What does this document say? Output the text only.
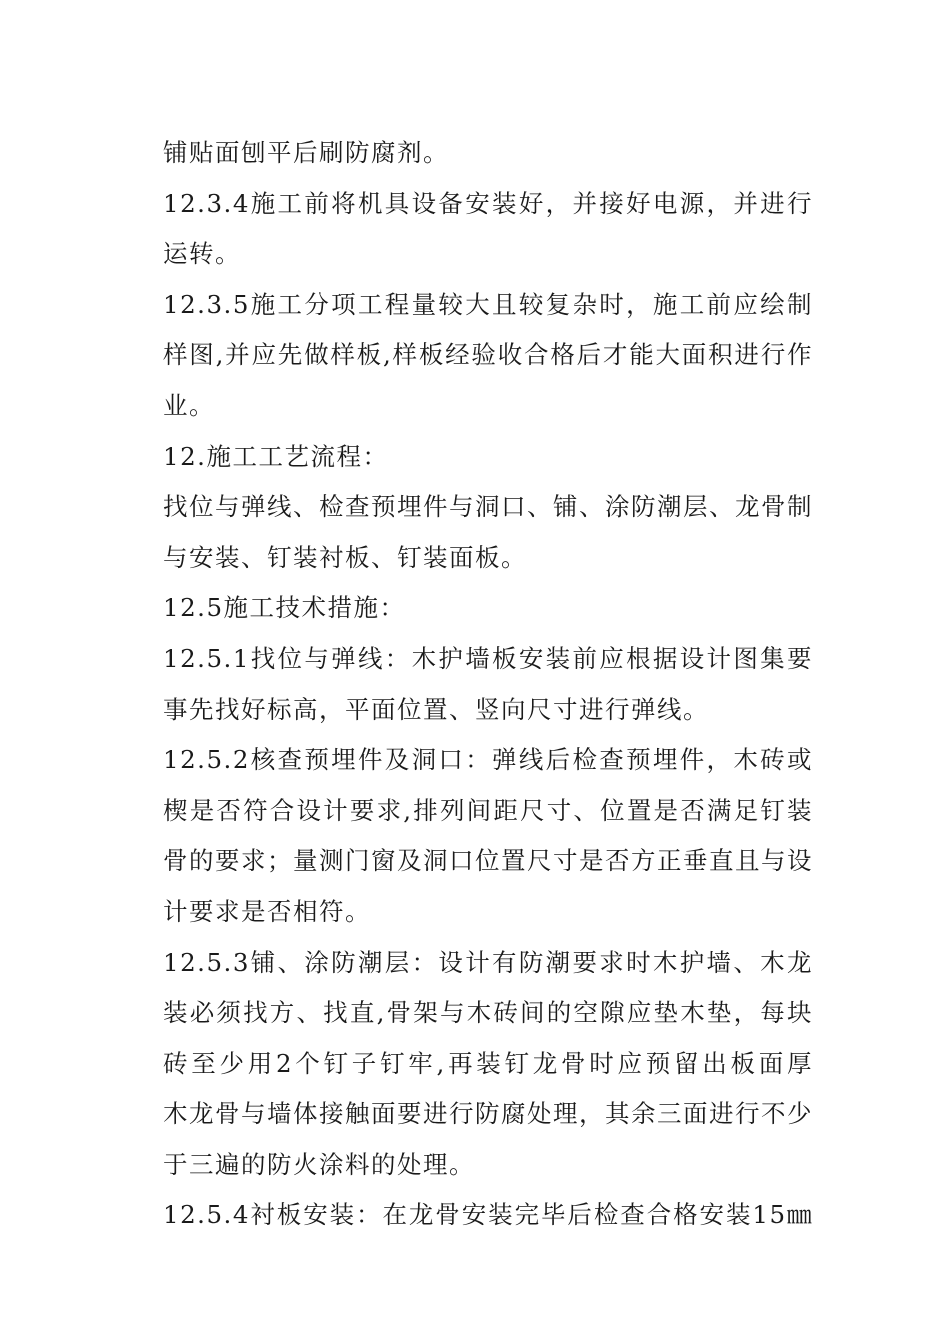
铺贴面刨平后刷防腐剂。
12.3.4施工前将机具设备安装好，并接好电源，并进行
运转。
12.3.5施工分项工程量较大且较复杂时，施工前应绘制
样图,并应先做样板,样板经验收合格后才能大面积进行作
业。
12.施工工艺流程：
找位与弹线、检查预埋件与洞口、铺、涂防潮层、龙骨制
与安装、钉装衬板、钉装面板。
12.5施工技术措施：
12.5.1找位与弹线：木护墙板安装前应根据设计图集要
事先找好标高，平面位置、竖向尺寸进行弹线。
12.5.2核查预埋件及洞口：弹线后检查预埋件，木砖或
楔是否符合设计要求,排列间距尺寸、位置是否满足钉装
骨的要求；量测门窗及洞口位置尺寸是否方正垂直且与设
计要求是否相符。
12.5.3铺、涂防潮层：设计有防潮要求时木护墙、木龙
装必须找方、找直,骨架与木砖间的空隙应垫木垫，每块
砖至少用2个钉子钉牢,再装钉龙骨时应预留出板面厚
木龙骨与墙体接触面要进行防腐处理，其余三面进行不少
于三遍的防火涂料的处理。
12.5.4衬板安装：在龙骨安装完毕后检查合格安装15㎜
